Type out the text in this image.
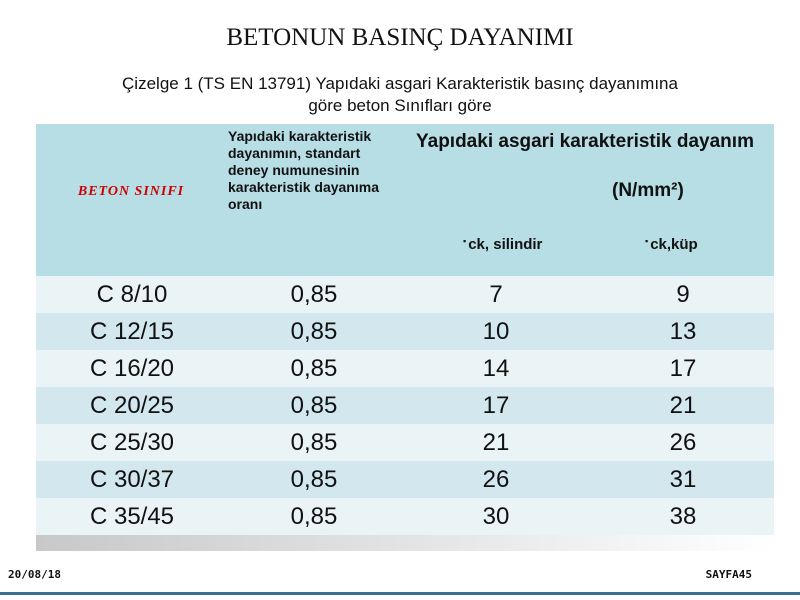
BETONUN BASINÇ DAYANIMI
Çizelge 1 (TS EN 13791) Yapıdaki asgari Karakteristik basınç dayanımına
göre beton Sınıfları göre
BETON SINIFI
Yapıdaki karakteristik dayanımın, standart deney numunesinin karakteristik dayanıma oranı
Yapıdaki asgari karakteristik dayanım
(N/mm²)
▪ ck, silindir	▪ ck,küp
C 8/10	0,85	7	9
C 12/15	0,85	10	13
C 16/20	0,85	14	17
C 20/25	0,85	17	21
C 25/30	0,85	21	26
C 30/37	0,85	26	31
C 35/45	0,85	30	38
20/08/18	SAYFA45
